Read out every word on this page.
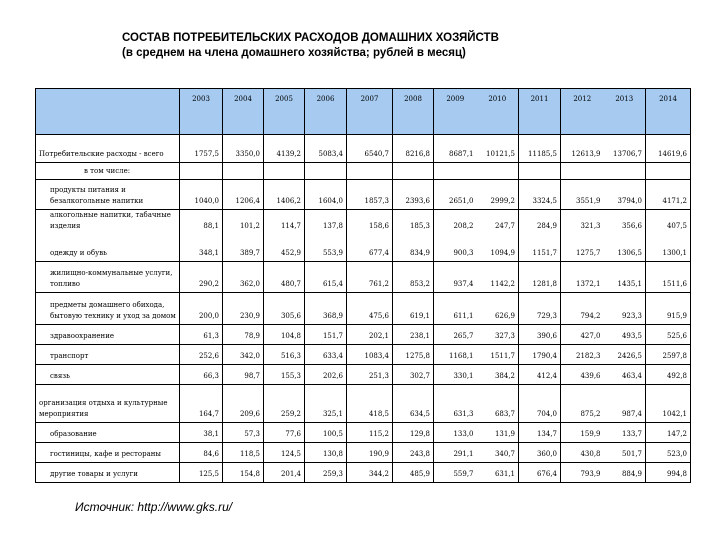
СОСТАВ ПОТРЕБИТЕЛЬСКИХ РАСХОДОВ ДОМАШНИХ ХОЗЯЙСТВ
(в среднем на члена домашнего хозяйства; рублей в месяц)
	2003	2004	2005	2006	2007	2008	2009	2010	2011	2012	2013	2014
Потребительские расходы - всего	1757,5	3350,0	4139,2	5083,4	6540,7	8216,8	8687,1	10121,5	11185,5	12613,9	13706,7	14619,6
в том числе:												
продукты питания и безалкогольные напитки	1040,0	1206,4	1406,2	1604,0	1857,3	2393,6	2651,0	2999,2	3324,5	3551,9	3794,0	4171,2
алкогольные напитки, табачные изделия	88,1	101,2	114,7	137,8	158,6	185,3	208,2	247,7	284,9	321,3	356,6	407,5
одежду и обувь	348,1	389,7	452,9	553,9	677,4	834,9	900,3	1094,9	1151,7	1275,7	1306,5	1300,1
жилищно-коммунальные услуги, топливо	290,2	362,0	480,7	615,4	761,2	853,2	937,4	1142,2	1281,8	1372,1	1435,1	1511,6
предметы домашнего обихода, бытовую технику и уход за домом	200,0	230,9	305,6	368,9	475,6	619,1	611,1	626,9	729,3	794,2	923,3	915,9
здравоохранение	61,3	78,9	104,8	151,7	202,1	238,1	265,7	327,3	390,6	427,0	493,5	525,6
транспорт	252,6	342,0	516,3	633,4	1083,4	1275,8	1168,1	1511,7	1790,4	2182,3	2426,5	2597,8
связь	66,3	98,7	155,3	202,6	251,3	302,7	330,1	384,2	412,4	439,6	463,4	492,8
организация отдыха и культурные мероприятия	164,7	209,6	259,2	325,1	418,5	634,5	631,3	683,7	704,0	875,2	987,4	1042,1
образование	38,1	57,3	77,6	100,5	115,2	129,8	133,0	131,9	134,7	159,9	133,7	147,2
гостиницы, кафе и рестораны	84,6	118,5	124,5	130,8	190,9	243,8	291,1	340,7	360,0	430,8	501,7	523,0
другие товары и услуги	125,5	154,8	201,4	259,3	344,2	485,9	559,7	631,1	676,4	793,9	884,9	994,8
Источник: http://www.gks.ru/
